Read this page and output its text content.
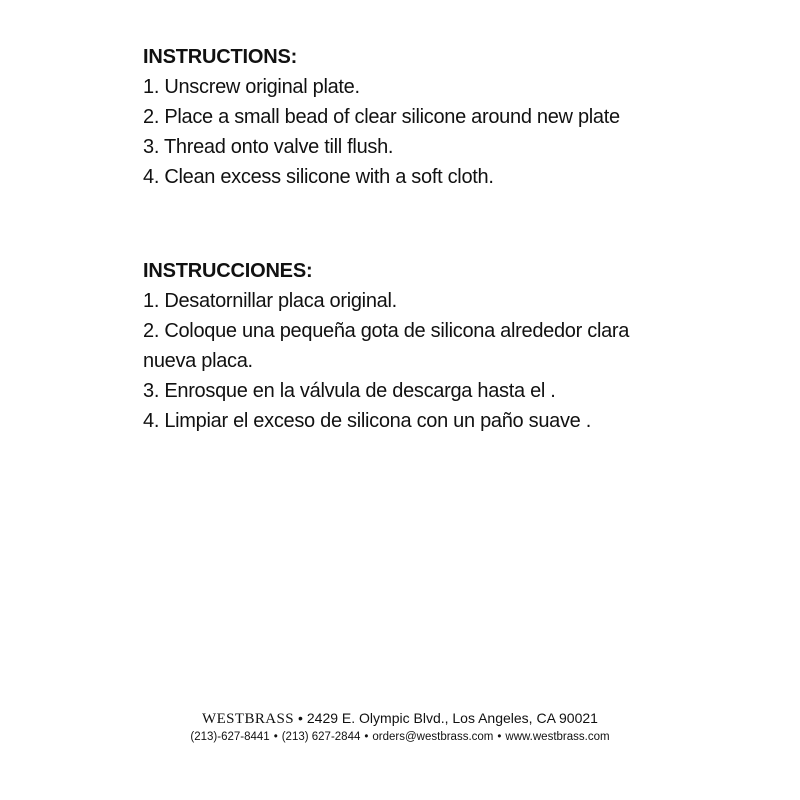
INSTRUCTIONS:

1. Unscrew original plate.
2. Place a small bead of clear silicone around new plate
3. Thread onto valve till flush.
4. Clean excess silicone with a soft cloth.

INSTRUCCIONES:

1. Desatornillar placa original.
2. Coloque una pequeña gota de silicona alrededor clara nueva placa.
3. Enrosque en la válvula de descarga hasta el .
4. Limpiar el exceso de silicona con un paño suave .
WESTBRASS • 2429 E. Olympic Blvd., Los Angeles, CA 90021
(213)-627-8441 • (213) 627-2844 • orders@westbrass.com • www.westbrass.com
